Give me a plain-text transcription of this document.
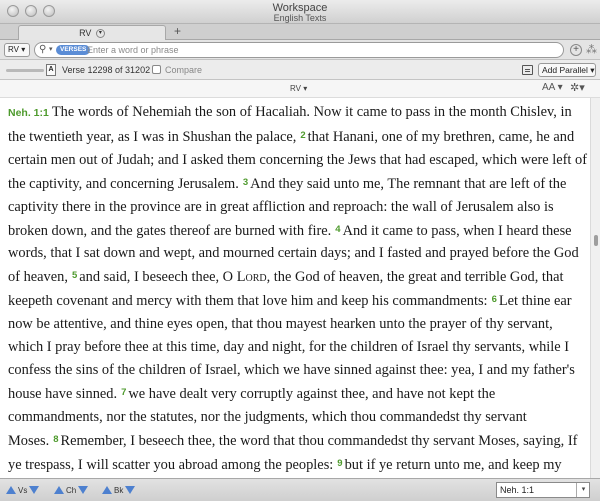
Workspace
English Texts
RV ▾	+
RV ▾	⚲ ▾	VERSES
Enter a word or phrase	+ ⁂
A Verse 12298 of 31202 Compare	Add Parallel ▾
RV ▾	AA ▾ ✲▾

Neh. 1:1 The words of Nehemiah the son of Hacaliah. Now it came to pass in the month Chislev, in the twentieth year, as I was in Shushan the palace, $^2$ that Hanani, one of my brethren, came, he and certain men out of Judah; and I asked them concerning the Jews that had escaped, which were left of the captivity, and concerning Jerusalem. $^3$ And they said unto me, The remnant that are left of the captivity there in the province are in great affliction and reproach: the wall of Jerusalem also is broken down, and the gates thereof are burned with fire. $^4$ And it came to pass, when I heard these words, that I sat down and wept, and mourned certain days; and I fasted and prayed before the God of heaven, $^5$ and said, I beseech thee, O Lord, the God of heaven, the great and terrible God, that keepeth covenant and mercy with them that love him and keep his commandments: $^6$ Let thine ear now be attentive, and thine eyes open, that thou mayest hearken unto the prayer of thy servant, which I pray before thee at this time, day and night, for the children of Israel thy servants, while I confess the sins of the children of Israel, which we have sinned against thee: yea, I and my father's house have sinned. $^7$ we have dealt very corruptly against thee, and have not kept the commandments, nor the statutes, nor the judgments, which thou commandedst thy servant Moses. $^8$ Remember, I beseech thee, the word that thou commandedst thy servant Moses, saying, If ye trespass, I will scatter you abroad among the peoples: $^9$ but if ye return unto me, and keep my

Vs	Ch	Bk
Neh. 1:1	▾
